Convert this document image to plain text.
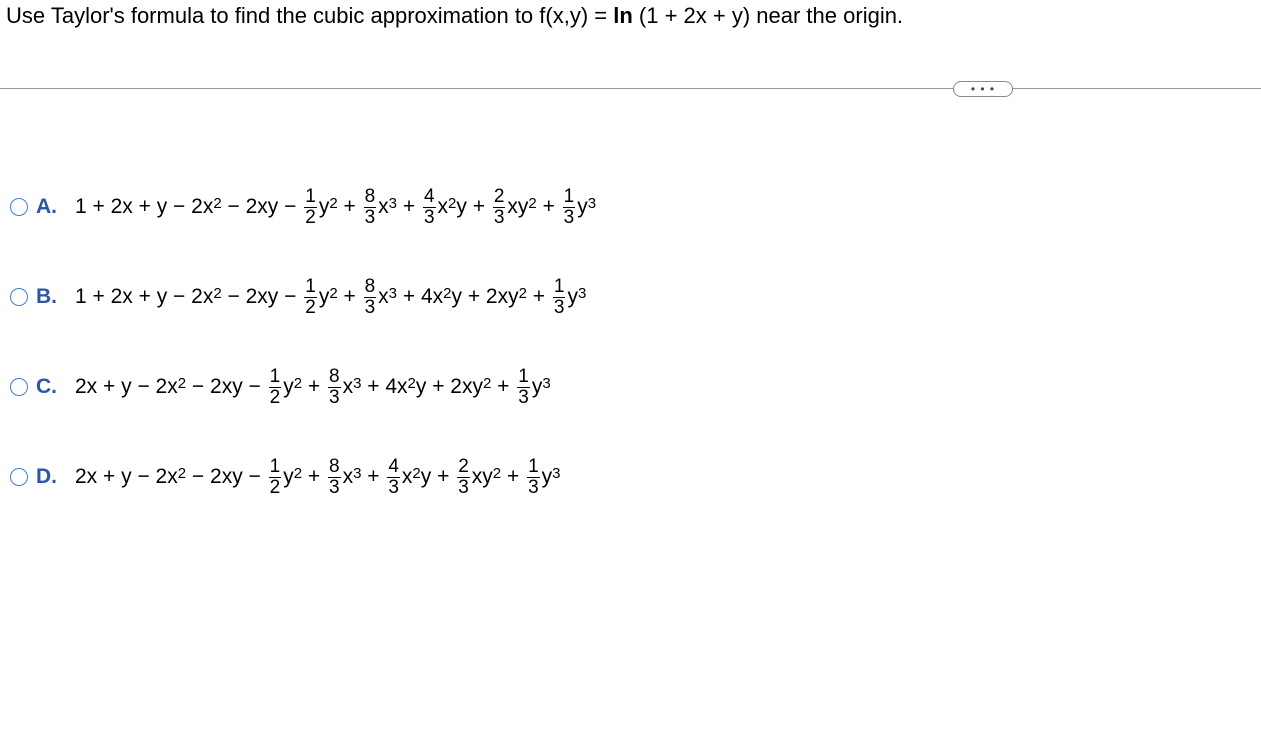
Use Taylor's formula to find the cubic approximation to f(x,y) = ln (1 + 2x + y) near the origin.
• • •
A. $1 + 2x + y - 2x^2 - 2xy - \frac{1}{2} y^2 + \frac{8}{3} x^3 + \frac{4}{3} x^2$ $y + \frac{2}{3} xy^2 + \frac{1}{3} y^3$
B. $1 + 2x + y - 2x^2 - 2xy - \frac{1}{2} y^2 + \frac{8}{3} x^3 + 4x^2$ $y + 2xy^2 + \frac{1}{3} y^3$
C. $2x + y - 2x^2 - 2xy - \frac{1}{2} y^2 + \frac{8}{3} x^3 + 4x^2$ $y + 2xy^2 + \frac{1}{3} y^3$
D. $2x + y - 2x^2 - 2xy - \frac{1}{2} y^2 + \frac{8}{3} x^3 + \frac{4}{3} x^2$ $y + \frac{2}{3} xy^2 + \frac{1}{3} y^3$
